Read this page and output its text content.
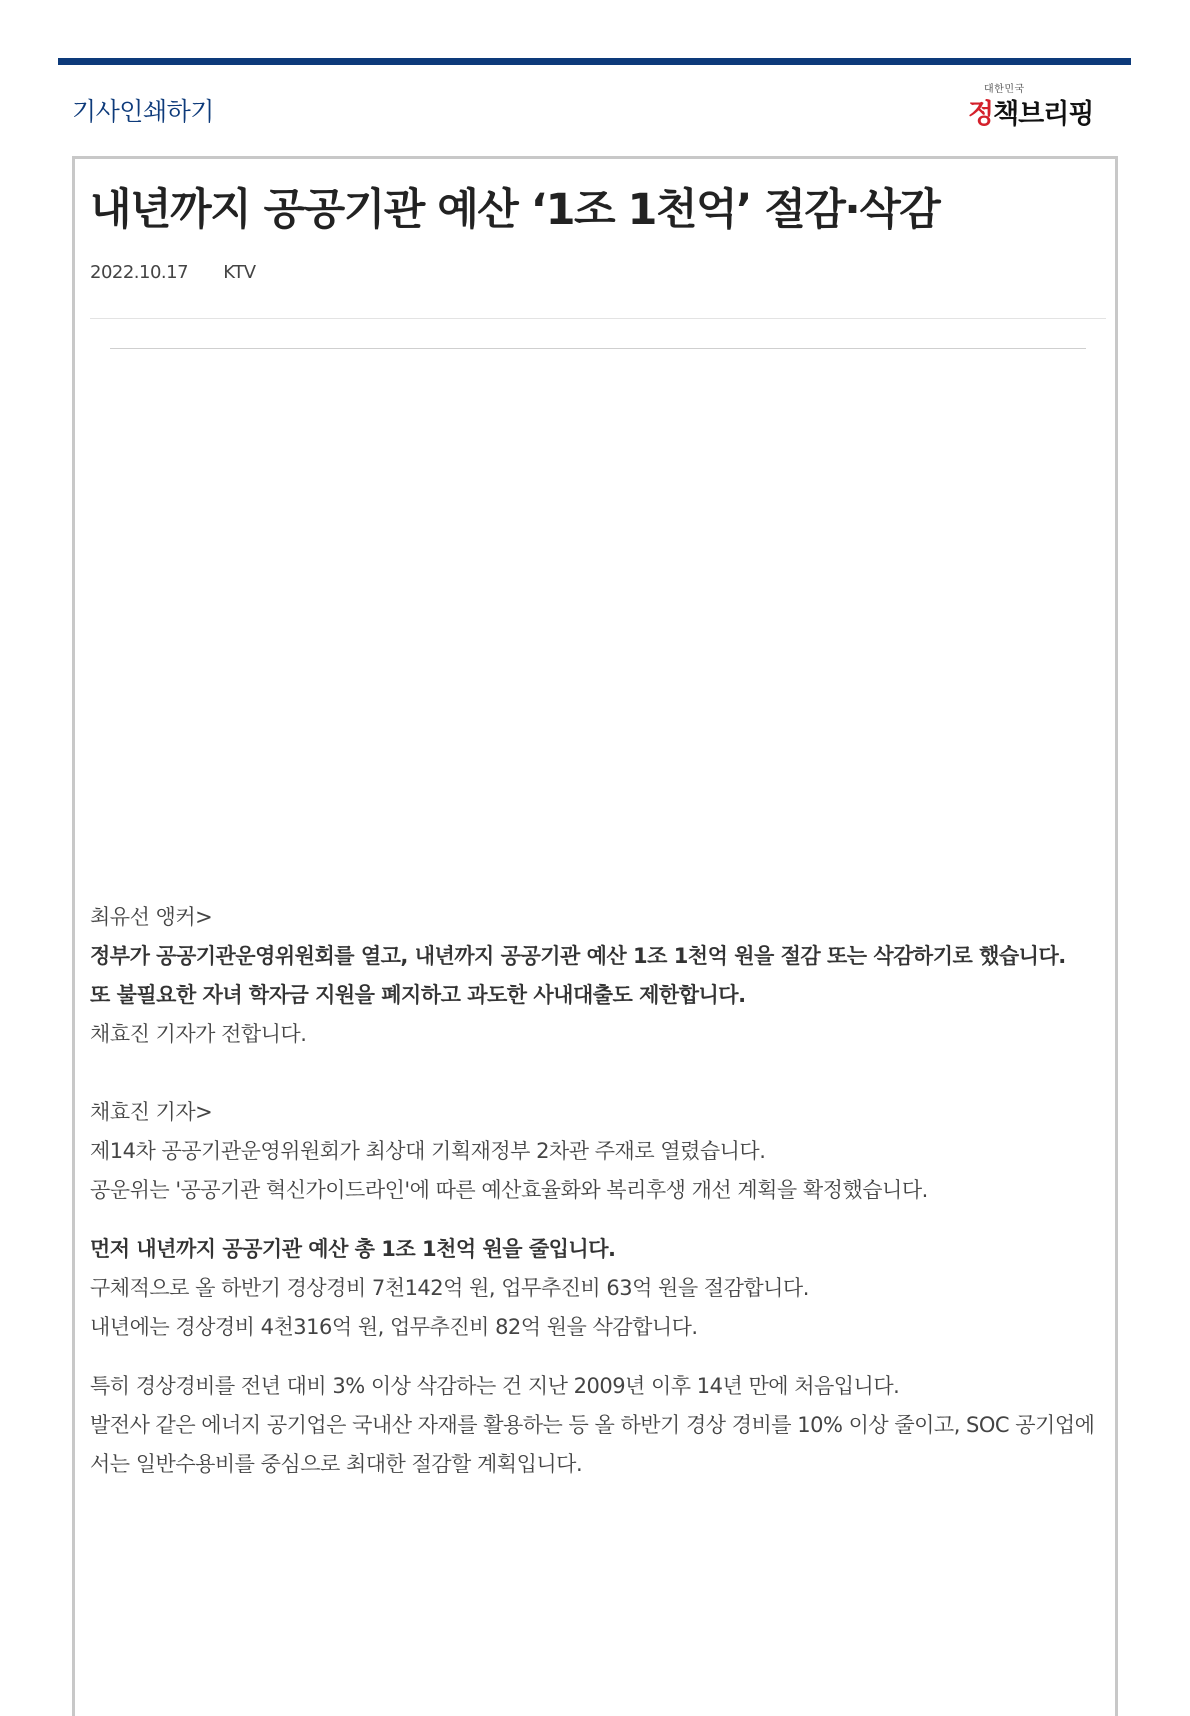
기사인쇄하기
대한민국
정책브리핑
내년까지 공공기관 예산 ‘1조 1천억’ 절감·삭감
2022.10.17 KTV

최유선 앵커>

정부가 공공기관운영위원회를 열고, 내년까지 공공기관 예산 1조 1천억 원을 절감 또는 삭감하기로 했습니다.

또 불필요한 자녀 학자금 지원을 폐지하고 과도한 사내대출도 제한합니다.

채효진 기자가 전합니다.

채효진 기자>

제14차 공공기관운영위원회가 최상대 기획재정부 2차관 주재로 열렸습니다.

공운위는 '공공기관 혁신가이드라인'에 따른 예산효율화와 복리후생 개선 계획을 확정했습니다.

먼저 내년까지 공공기관 예산 총 1조 1천억 원을 줄입니다.

구체적으로 올 하반기 경상경비 7천142억 원, 업무추진비 63억 원을 절감합니다.

내년에는 경상경비 4천316억 원, 업무추진비 82억 원을 삭감합니다.

특히 경상경비를 전년 대비 3% 이상 삭감하는 건 지난 2009년 이후 14년 만에 처음입니다.

발전사 같은 에너지 공기업은 국내산 자재를 활용하는 등 올 하반기 경상 경비를 10% 이상 줄이고, SOC 공기업에서는 일반수용비를 중심으로 최대한 절감할 계획입니다.
